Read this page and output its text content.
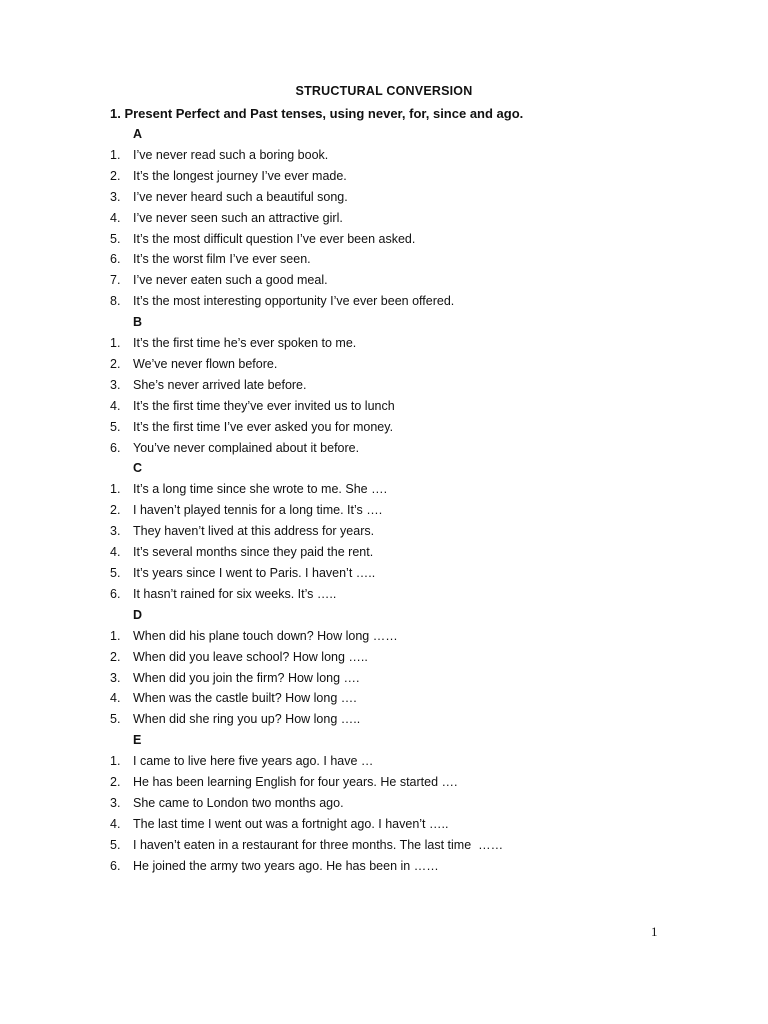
STRUCTURAL CONVERSION
1. Present Perfect and Past tenses, using never, for, since and ago.
A
1. I’ve never read such a boring book.
2. It’s the longest journey I’ve ever made.
3. I’ve never heard such a beautiful song.
4. I’ve never seen such an attractive girl.
5. It’s the most difficult question I’ve ever been asked.
6. It’s the worst film I’ve ever seen.
7. I’ve never eaten such a good meal.
8. It’s the most interesting opportunity I’ve ever been offered.
B
1. It’s the first time he’s ever spoken to me.
2. We’ve never flown before.
3. She’s never arrived late before.
4. It’s the first time they’ve ever invited us to lunch
5. It’s the first time I’ve ever asked you for money.
6. You’ve never complained about it before.
C
1. It’s a long time since she wrote to me. She ….
2. I haven’t played tennis for a long time. It’s ….
3. They haven’t lived at this address for years.
4. It’s several months since they paid the rent.
5. It’s years since I went to Paris. I haven’t …..
6. It hasn’t rained for six weeks. It’s …..
D
1. When did his plane touch down? How long ……
2. When did you leave school? How long …..
3. When did you join the firm? How long ….
4. When was the castle built? How long ….
5. When did she ring you up? How long …..
E
1. I came to live here five years ago. I have …
2. He has been learning English for four years. He started ….
3. She came to London two months ago.
4. The last time I went out was a fortnight ago. I haven’t …..
5. I haven’t eaten in a restaurant for three months. The last time  ……
6. He joined the army two years ago. He has been in ……
1
